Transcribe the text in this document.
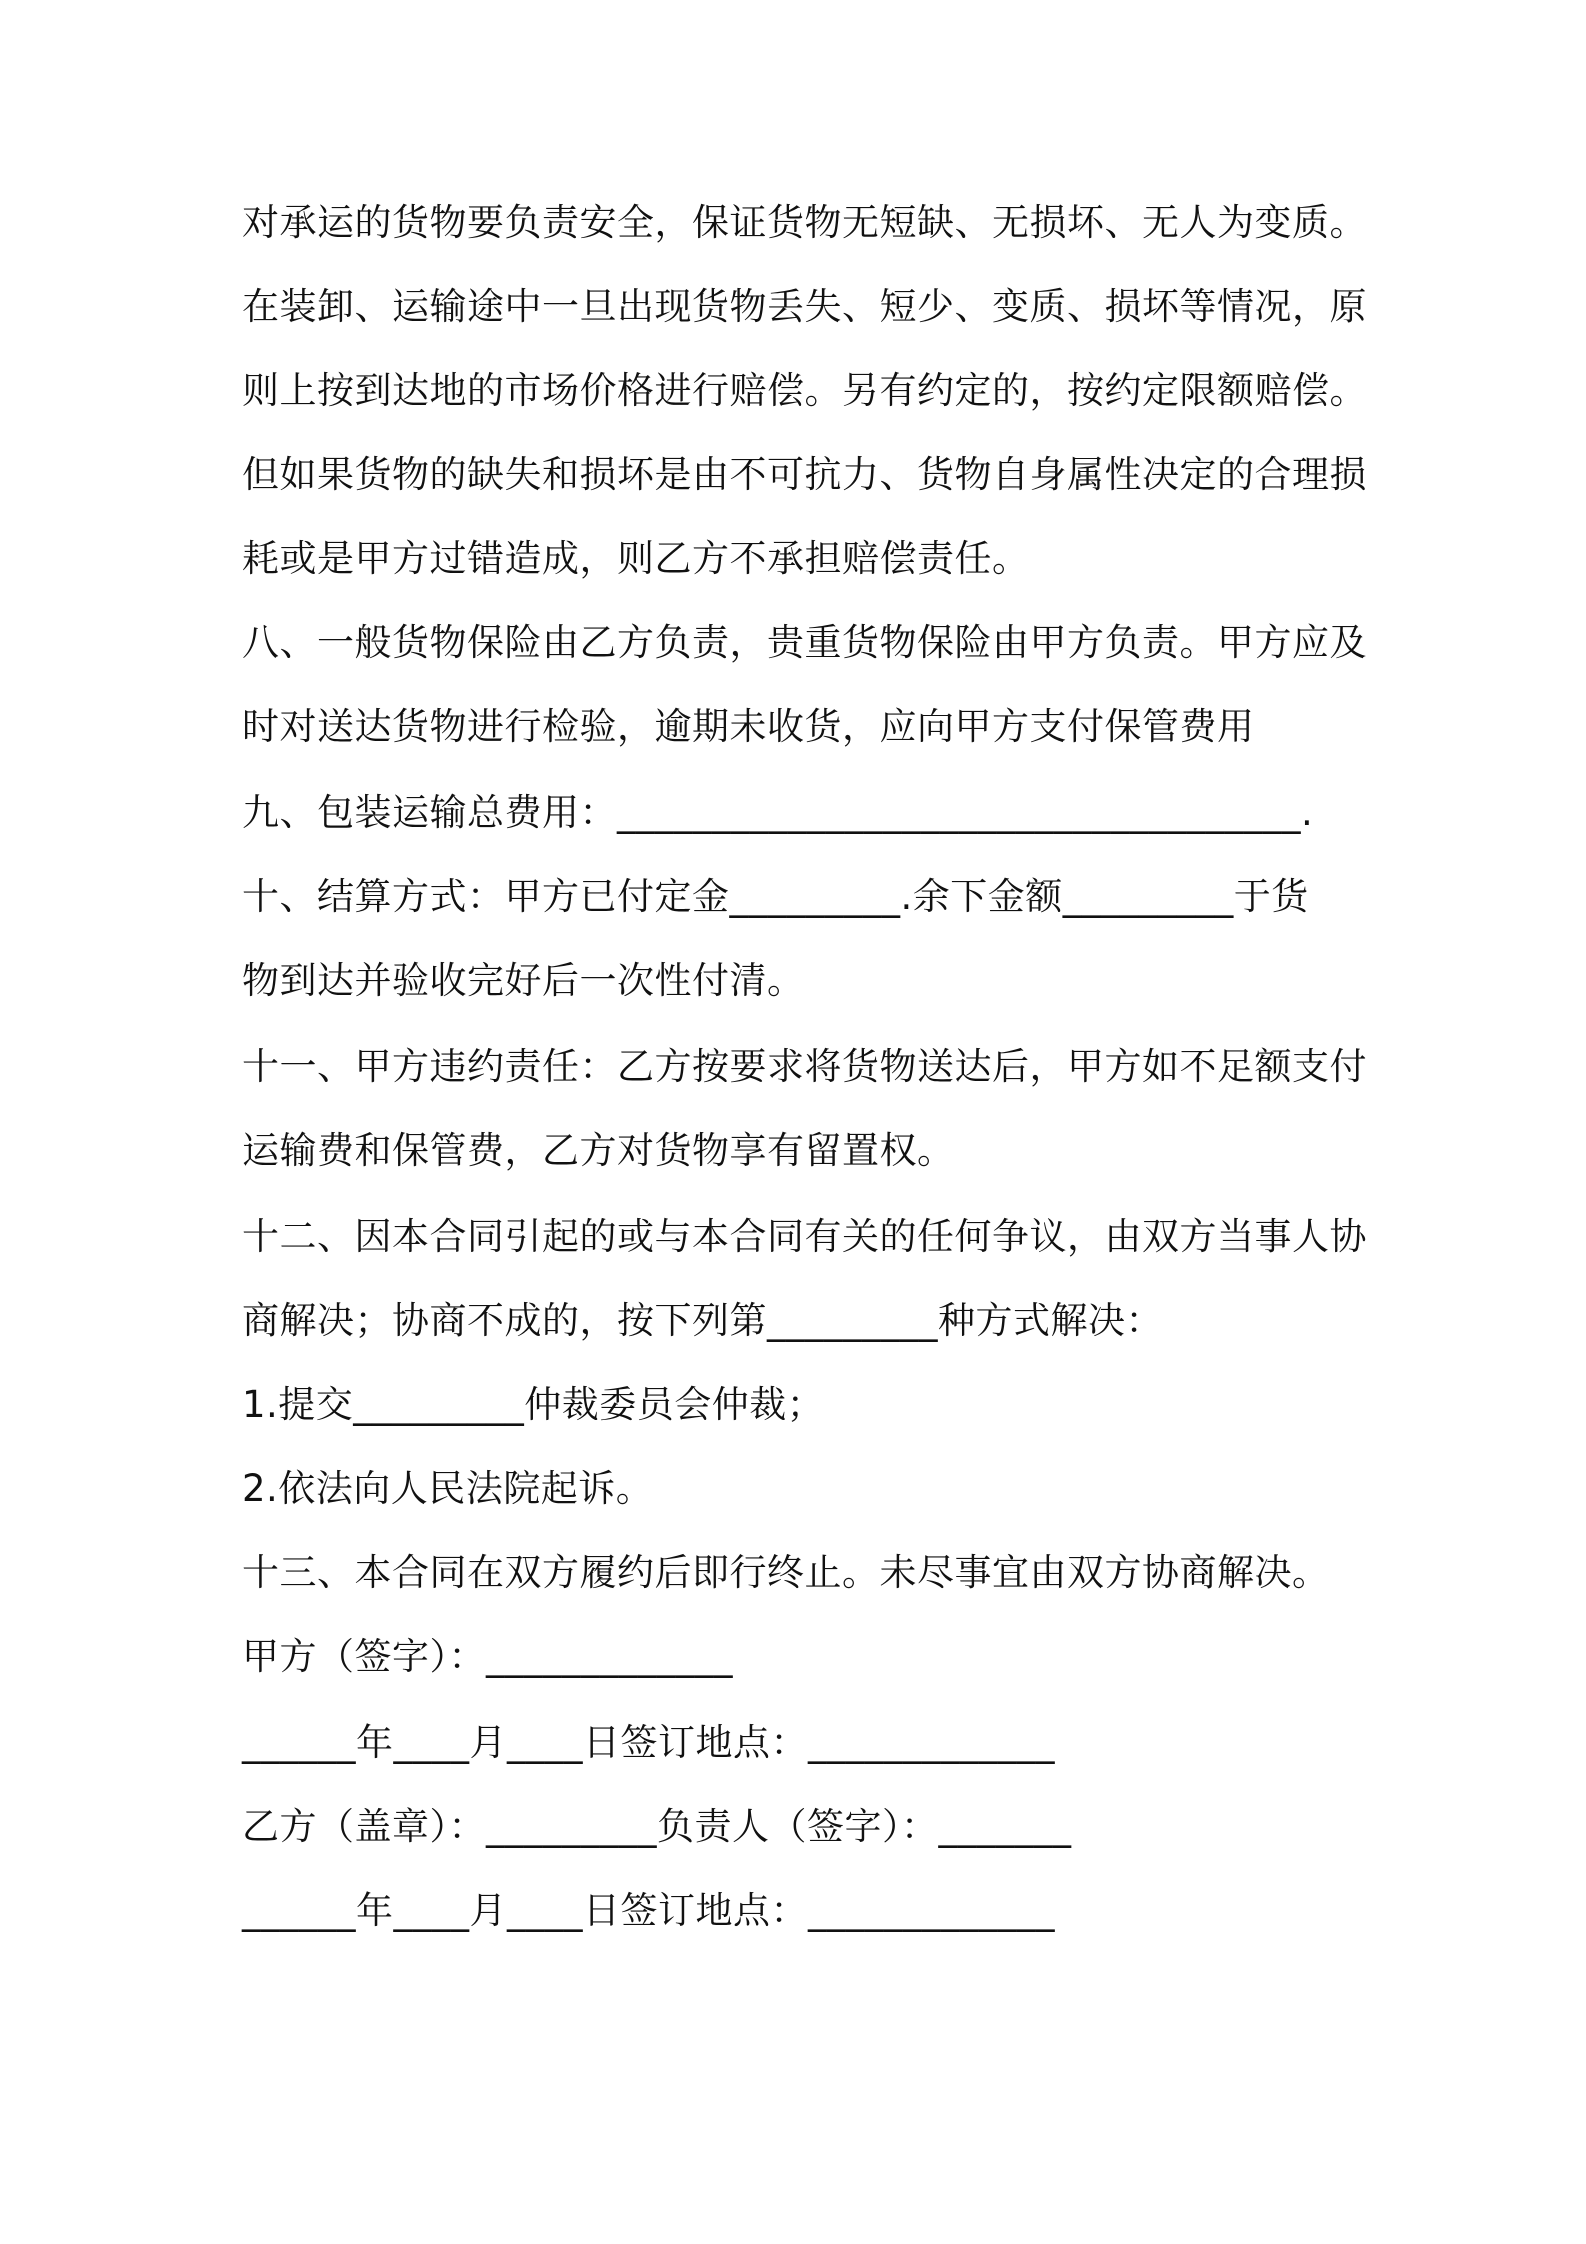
对承运的货物要负责安全，保证货物无短缺、无损坏、无人为变质。
在装卸、运输途中一旦出现货物丢失、短少、变质、损坏等情况，原
则上按到达地的市场价格进行赔偿。另有约定的，按约定限额赔偿。
但如果货物的缺失和损坏是由不可抗力、货物自身属性决定的合理损
耗或是甲方过错造成，则乙方不承担赔偿责任。
八、一般货物保险由乙方负责，贵重货物保险由甲方负责。甲方应及
时对送达货物进行检验，逾期未收货，应向甲方支付保管费用
九、包装运输总费用：____________________________________.
十、结算方式：甲方已付定金_________.余下金额_________于货
物到达并验收完好后一次性付清。
十一、甲方违约责任：乙方按要求将货物送达后，甲方如不足额支付
运输费和保管费，乙方对货物享有留置权。
十二、因本合同引起的或与本合同有关的任何争议，由双方当事人协
商解决；协商不成的，按下列第_________种方式解决：
1.提交_________仲裁委员会仲裁；
2.依法向人民法院起诉。
十三、本合同在双方履约后即行终止。未尽事宜由双方协商解决。
甲方（签字）：_____________
______年____月____日签订地点：_____________
乙方（盖章）：_________负责人（签字）：_______
______年____月____日签订地点：_____________
